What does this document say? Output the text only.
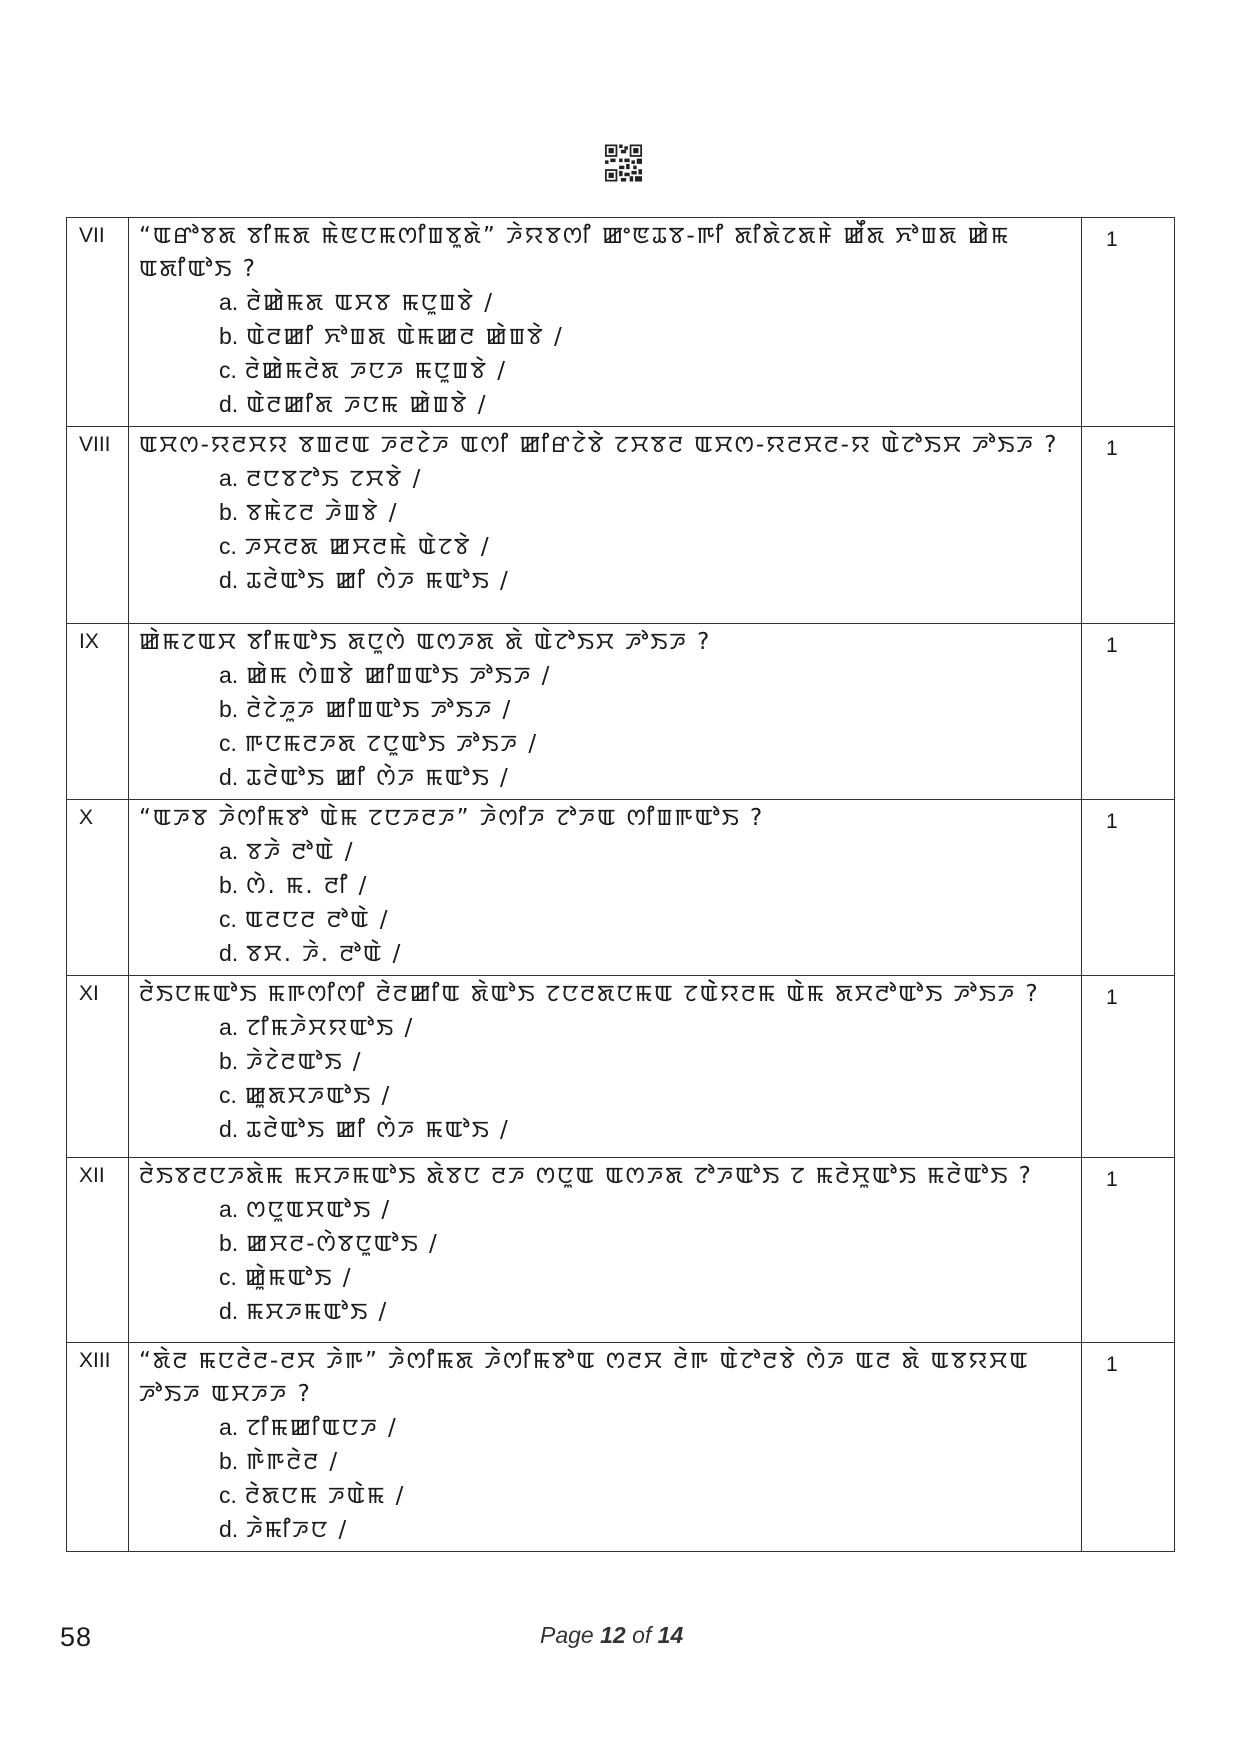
VII	“ꯑꯔꯣꯕꯗ ꯕꯤꯃꯗ ꯃꯥꯟꯅꯃꯁꯤꯡꯕꯨꯗꯥ” ꯍꯥꯌꯕꯁꯤ ꯀꯦꯟꯊꯕ-ꯒꯤ ꯗꯤꯗꯥꯖꯗꯝꯥ ꯀꯩꯗ ꯈꯣꯡꯗ ꯀꯥꯃ ꯑꯗꯤꯑꯣꯏ ?

a. ꯂꯥꯀꯥꯃꯗ ꯑꯆꯕ ꯃꯅꯨꯡꯕꯥ /
b. ꯑꯥꯂꯀꯤ ꯈꯣꯡꯗ ꯑꯥꯃꯀꯂ ꯀꯥꯡꯕꯥ /
c. ꯂꯥꯀꯥꯃꯂꯥꯗ ꯍꯅꯍ ꯃꯅꯨꯡꯕꯥ /
d. ꯑꯥꯂꯀꯤꯗ ꯍꯅꯃ ꯀꯥꯡꯕꯥ /	1
VIII	ꯑꯆꯁ-ꯌꯂꯆꯌ ꯕꯡꯂꯑ ꯍꯂꯖꯥꯍ ꯑꯁꯤ ꯀꯤꯔꯖꯥꯕꯥ ꯖꯆꯕꯂ ꯑꯆꯁ-ꯌꯂꯆꯂ-ꯌ ꯑꯥꯖꯣꯏꯆ ꯍꯣꯏꯍ ?

a. ꯂꯅꯕꯖꯣꯏ ꯖꯆꯕꯥ /
b. ꯕꯃꯥꯖꯂ ꯍꯥꯡꯕꯥ /
c. ꯍꯆꯂꯗ ꯀꯆꯂꯃꯥ ꯑꯥꯖꯕꯥ /
d. ꯊꯂꯥꯑꯣꯏ ꯀꯤ ꯁꯥꯍ ꯃꯑꯣꯏ /	1
IX	ꯀꯥꯃꯖꯑꯆ ꯕꯤꯃꯑꯣꯏ ꯗꯅꯨꯁꯥ ꯑꯁꯍꯗ ꯗꯥ ꯑꯥꯖꯣꯏꯆ ꯍꯣꯏꯍ ?

a. ꯀꯥꯃ ꯁꯥꯡꯕꯥ ꯀꯤꯡꯑꯣꯏ ꯍꯣꯏꯍ /
b. ꯂꯥꯖꯥꯍꯨꯍ ꯀꯤꯡꯑꯣꯏ ꯍꯣꯏꯍ /
c. ꯒꯅꯃꯂꯍꯗ ꯖꯅꯨꯑꯣꯏ ꯍꯣꯏꯍ /
d. ꯊꯂꯥꯑꯣꯏ ꯀꯤ ꯁꯥꯍ ꯃꯑꯣꯏ /	1
X	“ꯑꯍꯕ ꯍꯥꯁꯤꯃꯕꯣ ꯑꯥꯃ ꯖꯅꯍꯂꯍ” ꯍꯥꯁꯤꯍ ꯖꯣꯍꯑ ꯁꯤꯡꯒꯑꯣꯏ ?

a. ꯕꯍꯥ ꯂꯣꯑꯥ /
b. ꯁꯥ. ꯃ. ꯂꯤ /
c. ꯑꯂꯅꯂ ꯂꯣꯑꯥ /
d. ꯕꯆ. ꯍꯥ. ꯂꯣꯑꯥ /	1
XI	ꯂꯥꯏꯅꯃꯑꯣꯏ ꯃꯒꯁꯤꯁꯤ ꯂꯥꯂꯀꯤꯑ ꯗꯥꯑꯣꯏ ꯖꯅꯂꯗꯅꯃꯑ ꯖꯑꯥꯥꯌꯂꯃ ꯑꯥꯃ ꯗꯆꯂꯣꯑꯣꯏ ꯍꯣꯏꯍ ?

a. ꯖꯤꯃꯍꯥꯆꯌꯑꯣꯏ /
b. ꯍꯥꯖꯥꯂꯑꯣꯏ /
c. ꯀꯨꯗꯆꯍꯑꯣꯏ /
d. ꯊꯂꯥꯑꯣꯏ ꯀꯤ ꯁꯥꯍ ꯃꯑꯣꯏ /	1
XII	ꯂꯥꯏꯕꯂꯅꯍꯗꯥꯃ ꯃꯆꯍꯃꯑꯣꯏ ꯗꯥꯕꯅ ꯂꯍ ꯁꯅꯨꯑ ꯑꯁꯍꯗ ꯖꯣꯍꯑꯣꯏ ꯖ ꯃꯂꯥꯆꯨꯑꯣꯏ ꯃꯂꯥꯑꯣꯏ ?

a. ꯁꯅꯨꯑꯆꯑꯣꯏ /
b. ꯀꯆꯂ-ꯁꯥꯕꯅꯨꯑꯣꯏ /
c. ꯀꯥꯨꯃꯑꯣꯏ /
d. ꯃꯆꯍꯃꯑꯣꯏ /	1
XIII	“ꯗꯥꯂ ꯃꯅꯂꯥꯂ-ꯂꯆ ꯍꯥꯒ” ꯍꯥꯁꯤꯃꯗ ꯍꯥꯁꯤꯃꯕꯣꯑ ꯁꯂꯆ ꯂꯥꯒ ꯑꯥꯖꯣꯂꯕꯥ ꯁꯥꯍ ꯑꯂ ꯗꯥ ꯑꯕꯌꯆꯑ ꯍꯣꯏꯍ ꯑꯆꯍꯍ ?

a. ꯖꯤꯃꯀꯤꯑꯅꯍ /
b. ꯒꯥꯒꯂꯥꯂ /
c. ꯂꯥꯗꯅꯃ ꯍꯑꯥꯃ /
d. ꯍꯥꯃꯤꯍꯅ /	1
58	Page 12 of 14
